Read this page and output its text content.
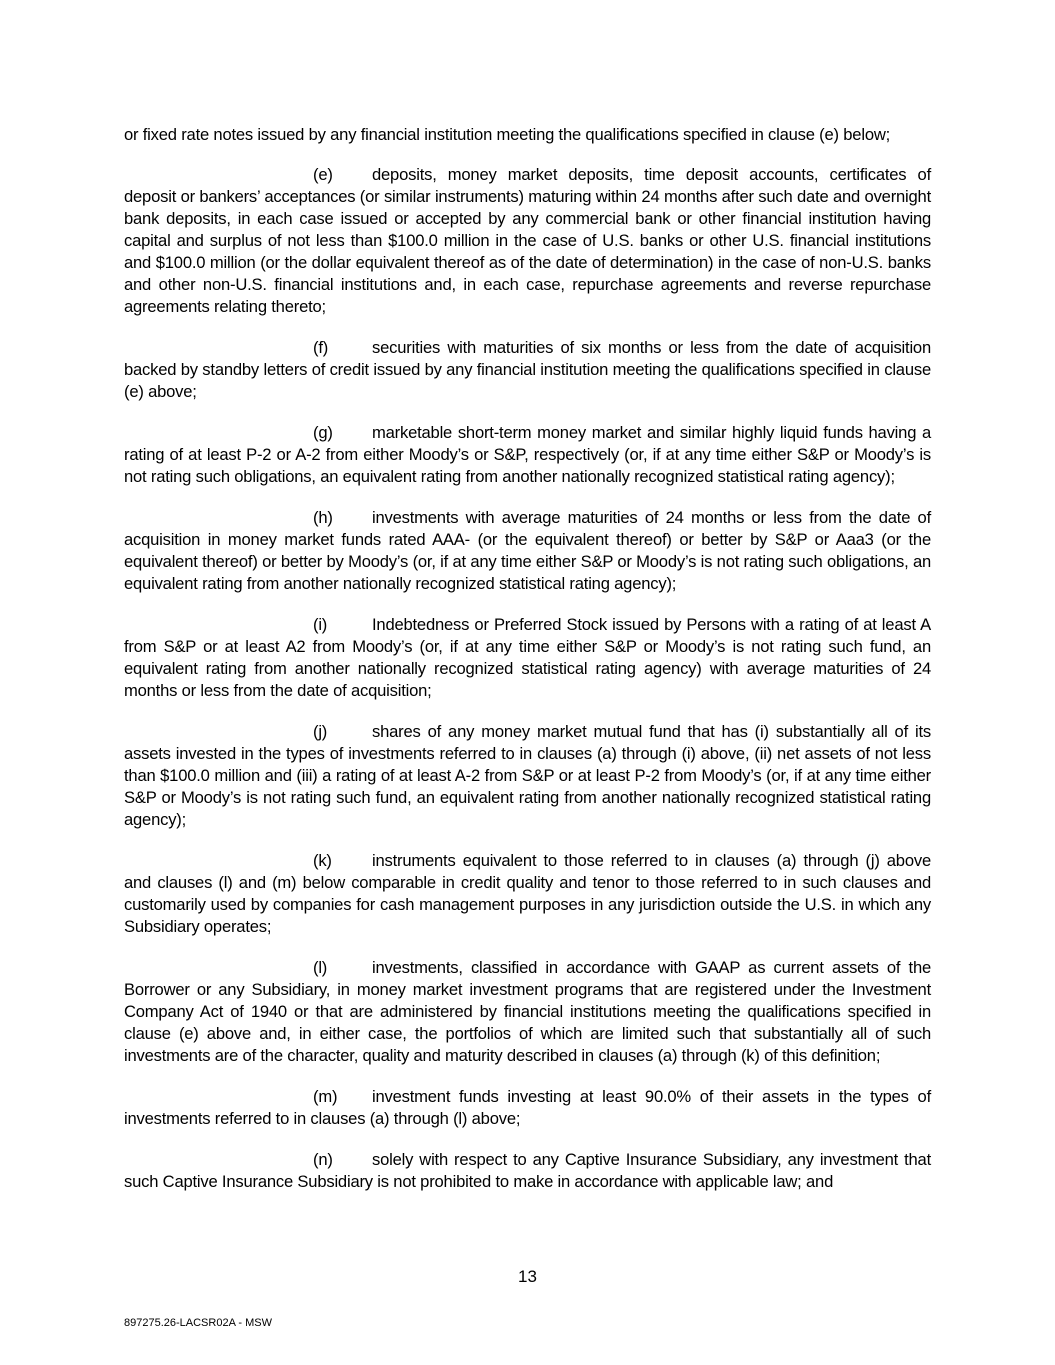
or fixed rate notes issued by any financial institution meeting the qualifications specified in clause (e) below;

(e) deposits, money market deposits, time deposit accounts, certificates of deposit or bankers’ acceptances (or similar instruments) maturing within 24 months after such date and overnight bank deposits, in each case issued or accepted by any commercial bank or other financial institution having capital and surplus of not less than $100.0 million in the case of U.S. banks or other U.S. financial institutions and $100.0 million (or the dollar equivalent thereof as of the date of determination) in the case of non-U.S. banks and other non-U.S. financial institutions and, in each case, repurchase agreements and reverse repurchase agreements relating thereto;

(f)	securities with maturities of six months or less from the date of acquisition backed by standby letters of credit issued by any financial institution meeting the qualifications specified in clause (e) above;

(g) marketable short-term money market and similar highly liquid funds having a rating of at least P-2 or A-2 from either Moody’s or S&P, respectively (or, if at any time either S&P or Moody’s is not rating such obligations, an equivalent rating from another nationally recognized statistical rating agency);

(h) investments with average maturities of 24 months or less from the date of acquisition in money market funds rated AAA- (or the equivalent thereof) or better by S&P or Aaa3 (or the equivalent thereof) or better by Moody’s (or, if at any time either S&P or Moody’s is not rating such obligations, an equivalent rating from another nationally recognized statistical rating agency);

(i)	Indebtedness or Preferred Stock issued by Persons with a rating of at least A from S&P or at least A2 from Moody’s (or, if at any time either S&P or Moody’s is not rating such fund, an equivalent rating from another nationally recognized statistical rating agency) with average maturities of 24 months or less from the date of acquisition;

(j)	shares of any money market mutual fund that has (i) substantially all of its assets invested in the types of investments referred to in clauses (a) through (i) above, (ii) net assets of not less than $100.0 million and (iii) a rating of at least A-2 from S&P or at least P-2 from Moody’s (or, if at any time either S&P or Moody’s is not rating such fund, an equivalent rating from another nationally recognized statistical rating agency);

(k) instruments equivalent to those referred to in clauses (a) through (j) above and clauses (l) and (m) below comparable in credit quality and tenor to those referred to in such clauses and customarily used by companies for cash management purposes in any jurisdiction outside the U.S. in which any Subsidiary operates;

(l)	investments, classified in accordance with GAAP as current assets of the Borrower or any Subsidiary, in money market investment programs that are registered under the Investment Company Act of 1940 or that are administered by financial institutions meeting the qualifications specified in clause (e) above and, in either case, the portfolios of which are limited such that substantially all of such investments are of the character, quality and maturity described in clauses (a) through (k) of this definition;

(m) investment funds investing at least 90.0% of their assets in the types of investments referred to in clauses (a) through (l) above;

(n) solely with respect to any Captive Insurance Subsidiary, any investment that such Captive Insurance Subsidiary is not prohibited to make in accordance with applicable law; and

13
897275.26-LACSR02A - MSW
